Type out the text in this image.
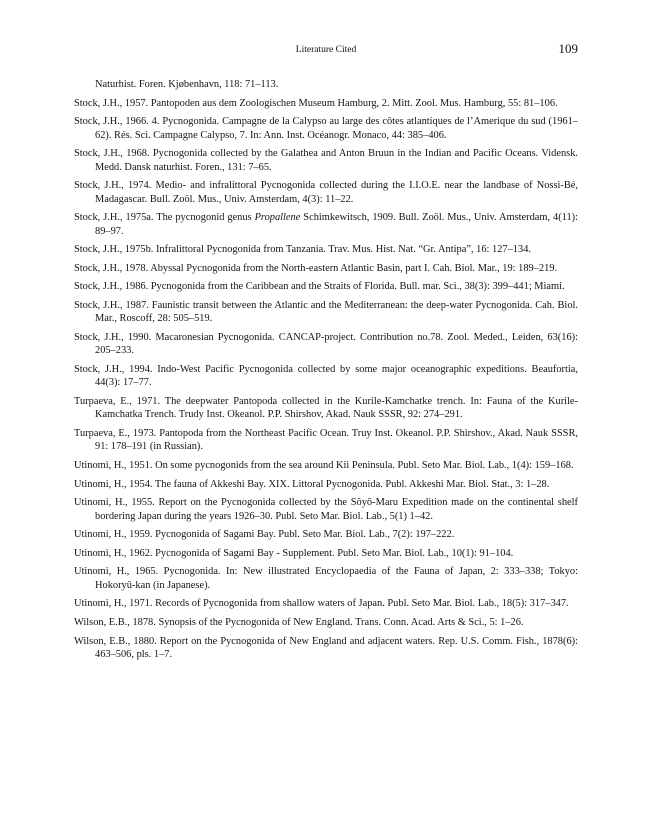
Literature Cited	109

Naturhist. Foren. Kjøbenhavn, 118: 71–113.

Stock, J.H., 1957. Pantopoden aus dem Zoologischen Museum Hamburg, 2. Mitt. Zool. Mus. Hamburg, 55: 81–106.

Stock, J.H., 1966. 4. Pycnogonida. Campagne de la Calypso au large des côtes atlantiques de l’Amerique du sud (1961–62). Rés. Sci. Campagne Calypso, 7. In: Ann. Inst. Océanogr. Monaco, 44: 385–406.

Stock, J.H., 1968. Pycnogonida collected by the Galathea and Anton Bruun in the Indian and Pacific Oceans. Vidensk. Medd. Dansk naturhist. Foren., 131: 7–65.

Stock, J.H., 1974. Medio- and infralittoral Pycnogonida collected during the I.I.O.E. near the landbase of Nossi-Bé, Madagascar. Bull. Zoöl. Mus., Univ. Amsterdam, 4(3): 11–22.

Stock, J.H., 1975a. The pycnogonid genus Propallene Schimkewitsch, 1909. Bull. Zoöl. Mus., Univ. Amsterdam, 4(11): 89–97.

Stock, J.H., 1975b. Infralittoral Pycnogonida from Tanzania. Trav. Mus. Hist. Nat. “Gr. Antipa”, 16: 127–134.

Stock, J.H., 1978. Abyssal Pycnogonida from the North-eastern Atlantic Basin, part I. Cah. Biol. Mar., 19: 189–219.

Stock, J.H., 1986. Pycnogonida from the Caribbean and the Straits of Florida. Bull. mar. Sci., 38(3): 399–441; Miami.

Stock, J.H., 1987. Faunistic transit between the Atlantic and the Mediterranean: the deep-water Pycnogonida. Cah. Biol. Mar., Roscoff, 28: 505–519.

Stock, J.H., 1990. Macaronesian Pycnogonida. CANCAP-project. Contribution no.78. Zool. Meded., Leiden, 63(16): 205–233.

Stock, J.H., 1994. Indo-West Pacific Pycnogonida collected by some major oceanographic expeditions. Beaufortia, 44(3): 17–77.

Turpaeva, E., 1971. The deepwater Pantopoda collected in the Kurile-Kamchatke trench. In: Fauna of the Kurile-Kamchatka Trench. Trudy Inst. Okeanol. P.P. Shirshov, Akad. Nauk SSSR, 92: 274–291.

Turpaeva, E., 1973. Pantopoda from the Northeast Pacific Ocean. Truy Inst. Okeanol. P.P. Shirshov., Akad. Nauk SSSR, 91: 178–191 (in Russian).

Utinomi, H., 1951. On some pycnogonids from the sea around Kii Peninsula. Publ. Seto Mar. Biol. Lab., 1(4): 159–168.

Utinomi, H., 1954. The fauna of Akkeshi Bay. XIX. Littoral Pycnogonida. Publ. Akkeshi Mar. Biol. Stat., 3: 1–28.

Utinomi, H., 1955. Report on the Pycnogonida collected by the Sôyô-Maru Expedition made on the continental shelf bordering Japan during the years 1926–30. Publ. Seto Mar. Biol. Lab., 5(1) 1–42.

Utinomi, H., 1959. Pycnogonida of Sagami Bay. Publ. Seto Mar. Biol. Lab., 7(2): 197–222.

Utinomi, H., 1962. Pycnogonida of Sagami Bay - Supplement. Publ. Seto Mar. Biol. Lab., 10(1): 91–104.

Utinomi, H., 1965. Pycnogonida. In: New illustrated Encyclopaedia of the Fauna of Japan, 2: 333–338; Tokyo: Hokoryû-kan (in Japanese).

Utinomi, H., 1971. Records of Pycnogonida from shallow waters of Japan. Publ. Seto Mar. Biol. Lab., 18(5): 317–347.

Wilson, E.B., 1878. Synopsis of the Pycnogonida of New England. Trans. Conn. Acad. Arts & Sci., 5: 1–26.

Wilson, E.B., 1880. Report on the Pycnogonida of New England and adjacent waters. Rep. U.S. Comm. Fish., 1878(6): 463–506, pls. 1–7.
